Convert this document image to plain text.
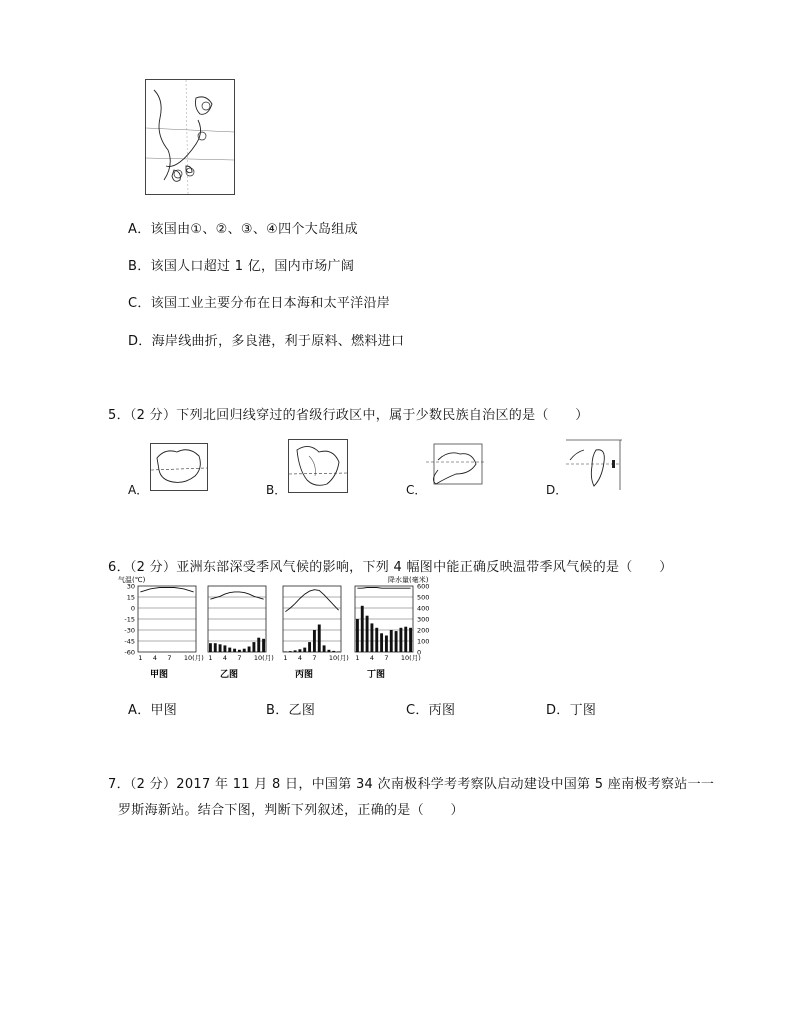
A．该国由①、②、③、④四个大岛组成
B．该国人口超过 1 亿，国内市场广阔
C．该国工业主要分布在日本海和太平洋沿岸
D．海岸线曲折，多良港，利于原料、燃料进口
5．（2 分）下列北回归线穿过的省级行政区中，属于少数民族自治区的是（　　）
A．	B．	C．	D．
6．（2 分）亚洲东部深受季风气候的影响，下列 4 幅图中能正确反映温带季风气候的是（　　）
气温(℃)	降水量(毫米)
30
15
0
-15
-30
-45
-60
600
500
400
300
200
100
0
1 4 7 10(月)
甲图
1 4 7 10(月)
乙图
1 4 7 10(月)
丙图
1 4 7 10(月)
丁图
A．甲图	B．乙图	C．丙图	D．丁图
7．（2 分）2017 年 11 月 8 日，中国第 34 次南极科学考考察队启动建设中国第 5 座南极考察站一一
罗斯海新站。结合下图，判断下列叙述，正确的是（　　）
